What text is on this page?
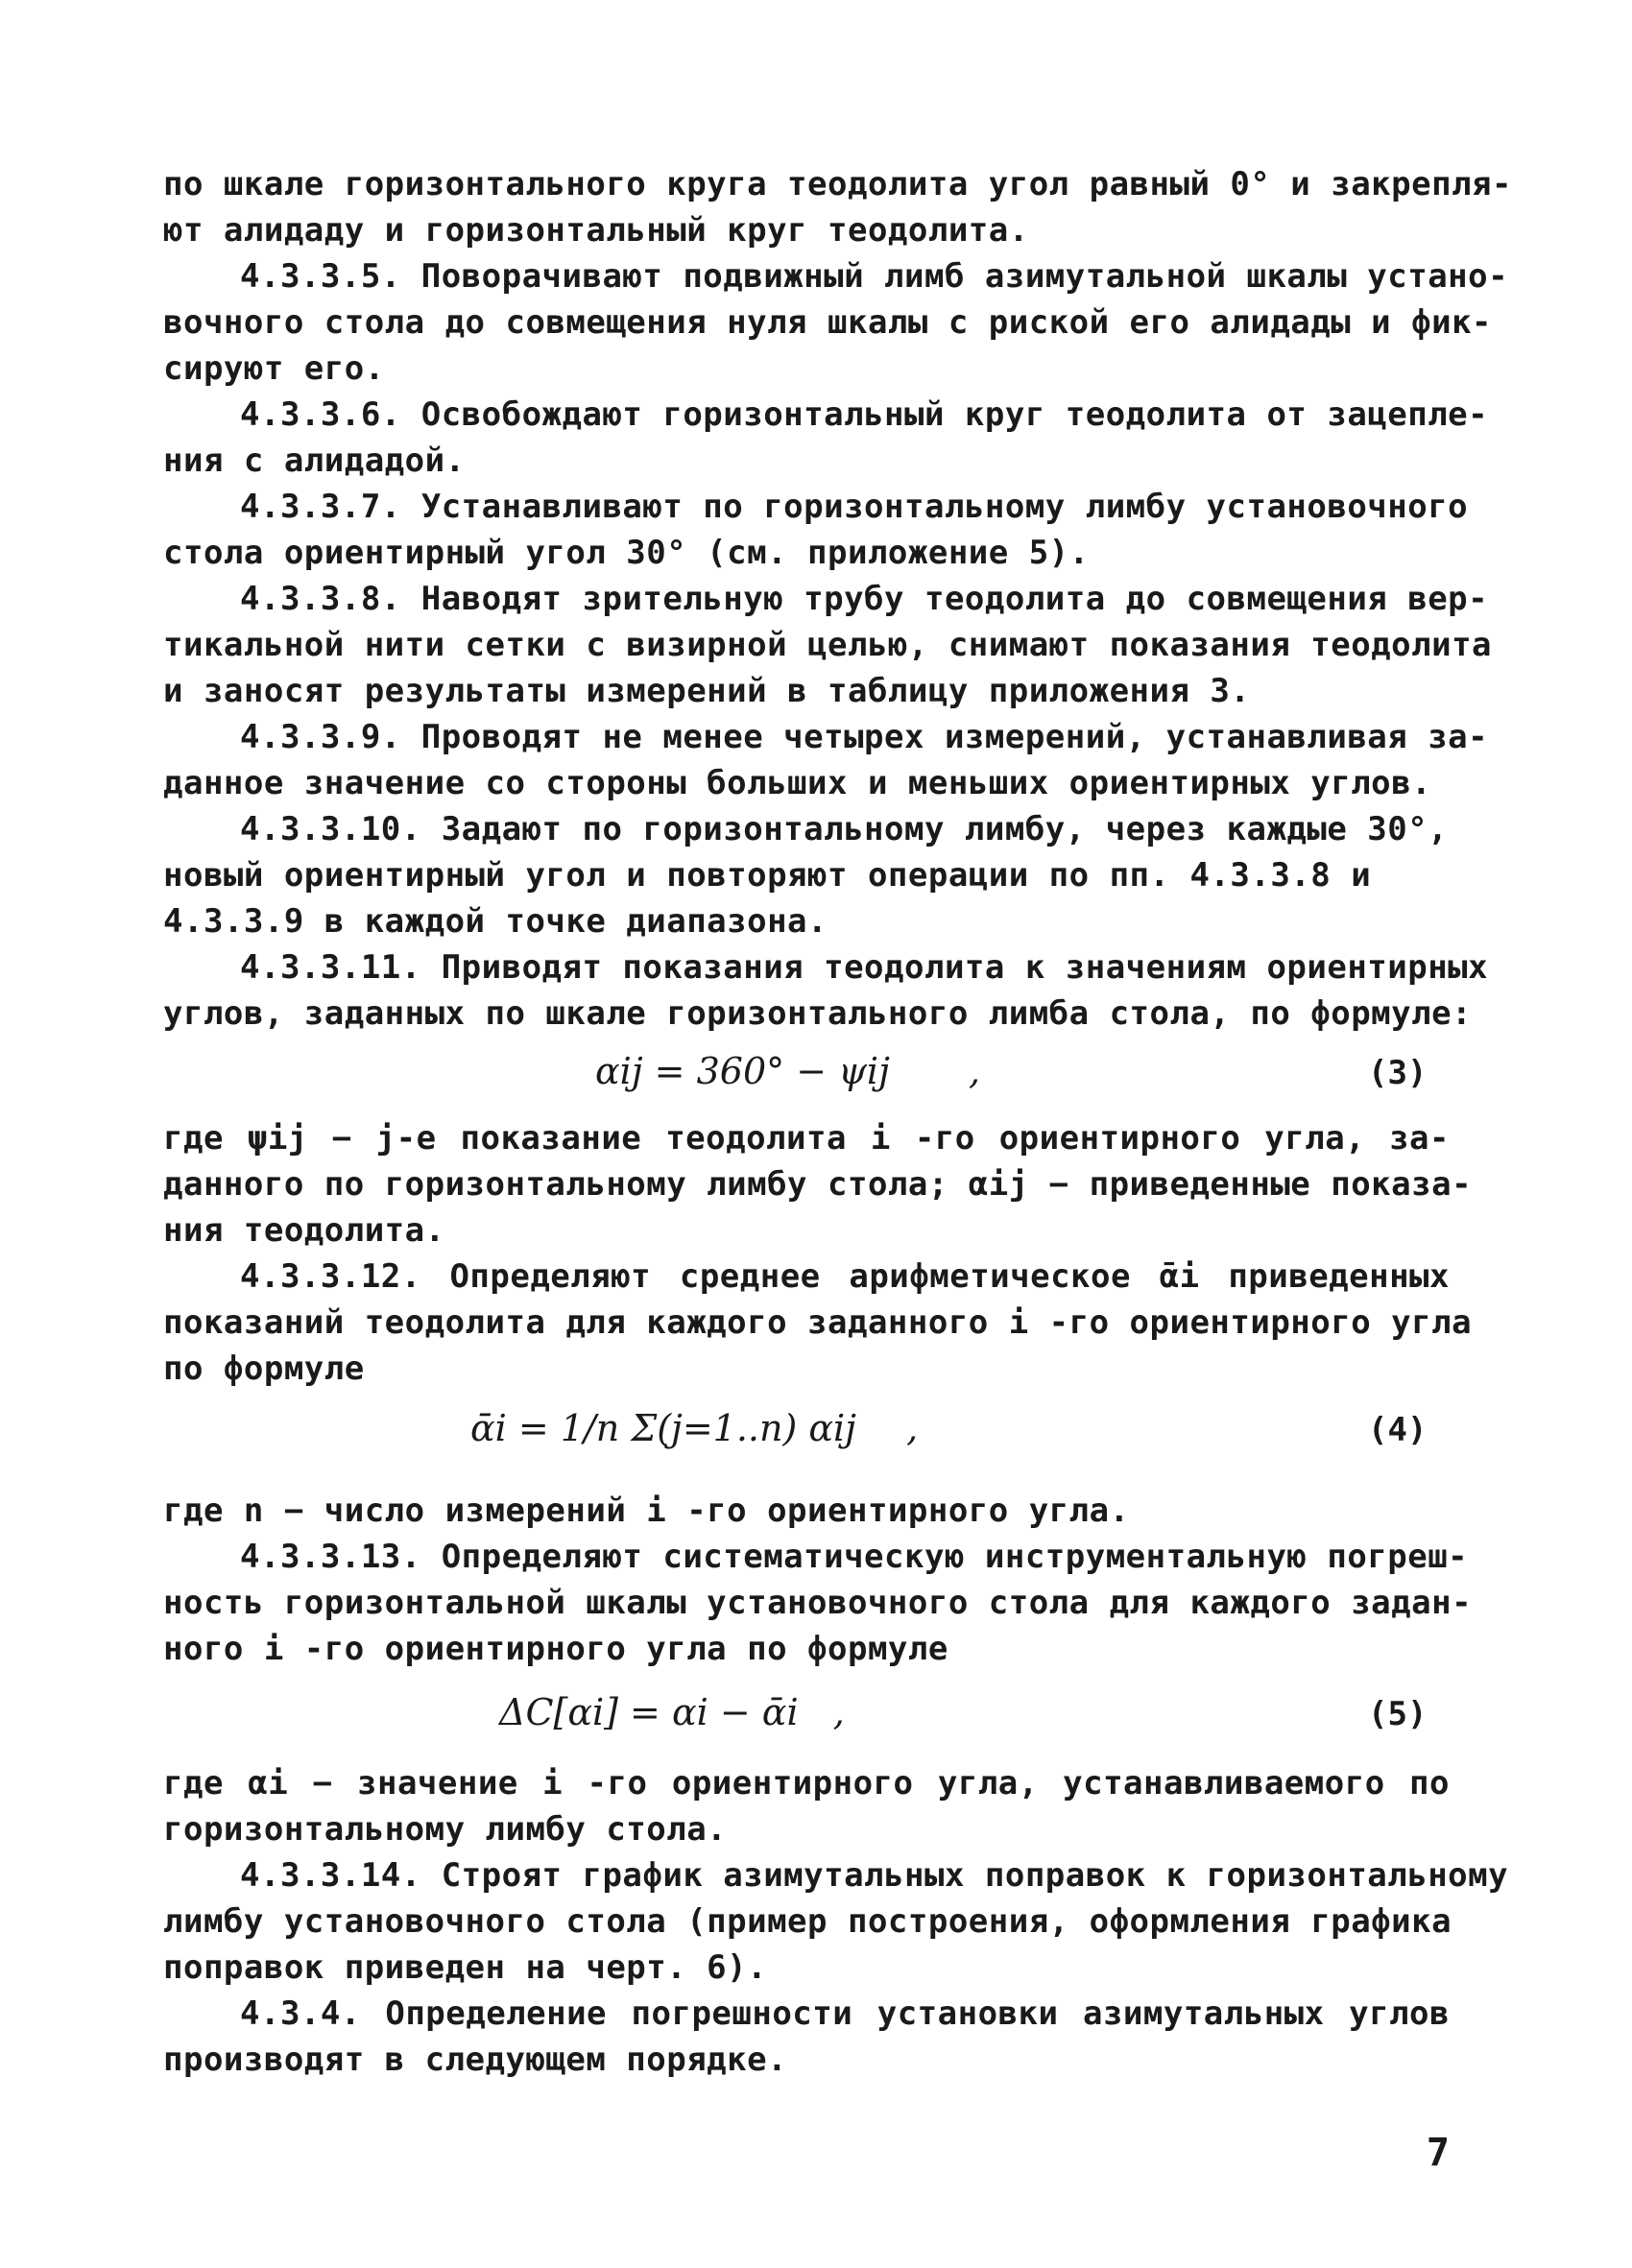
по шкале горизонтального круга теодолита угол равный 0° и закрепля-
ют алидаду и горизонтальный круг теодолита.
4.3.3.5. Поворачивают подвижный лимб азимутальной шкалы устано-
вочного стола до совмещения нуля шкалы с риской его алидады и фик-
сируют его.
4.3.3.6. Освобождают горизонтальный круг теодолита от зацепле-
ния с алидадой.
4.3.3.7. Устанавливают по горизонтальному лимбу установочного
стола ориентирный угол 30° (см. приложение 5).
4.3.3.8. Наводят зрительную трубу теодолита до совмещения вер-
тикальной нити сетки с визирной целью, снимают показания теодолита
и заносят результаты измерений в таблицу приложения 3.
4.3.3.9. Проводят не менее четырех измерений, устанавливая за-
данное значение со стороны больших и меньших ориентирных углов.
4.3.3.10. Задают по горизонтальному лимбу, через каждые 30°,
новый ориентирный угол и повторяют операции по пп. 4.3.3.8 и
4.3.3.9 в каждой точке диапазона.
4.3.3.11. Приводят показания теодолита к значениям ориентирных
углов, заданных по шкале горизонтального лимба стола, по формуле:
αij = 360° − ψij ,	(3)
где ψij − j-е показание теодолита i -го ориентирного угла, за-
данного по горизонтальному лимбу стола; αij − приведенные показа-
ния теодолита.
4.3.3.12. Определяют среднее арифметическое ᾱi приведенных
показаний теодолита для каждого заданного i -го ориентирного угла
по формуле
ᾱi = 1/n Σ(j=1..n) αij ,	(4)
где n − число измерений i -го ориентирного угла.
4.3.3.13. Определяют систематическую инструментальную погреш-
ность горизонтальной шкалы установочного стола для каждого задан-
ного i -го ориентирного угла по формуле
ΔC[αi] = αi − ᾱi ,	(5)
где αi − значение i -го ориентирного угла, устанавливаемого по
горизонтальному лимбу стола.
4.3.3.14. Строят график азимутальных поправок к горизонтальному
лимбу установочного стола (пример построения, оформления графика
поправок приведен на черт. 6).
4.3.4. Определение погрешности установки азимутальных углов
производят в следующем порядке.
7
